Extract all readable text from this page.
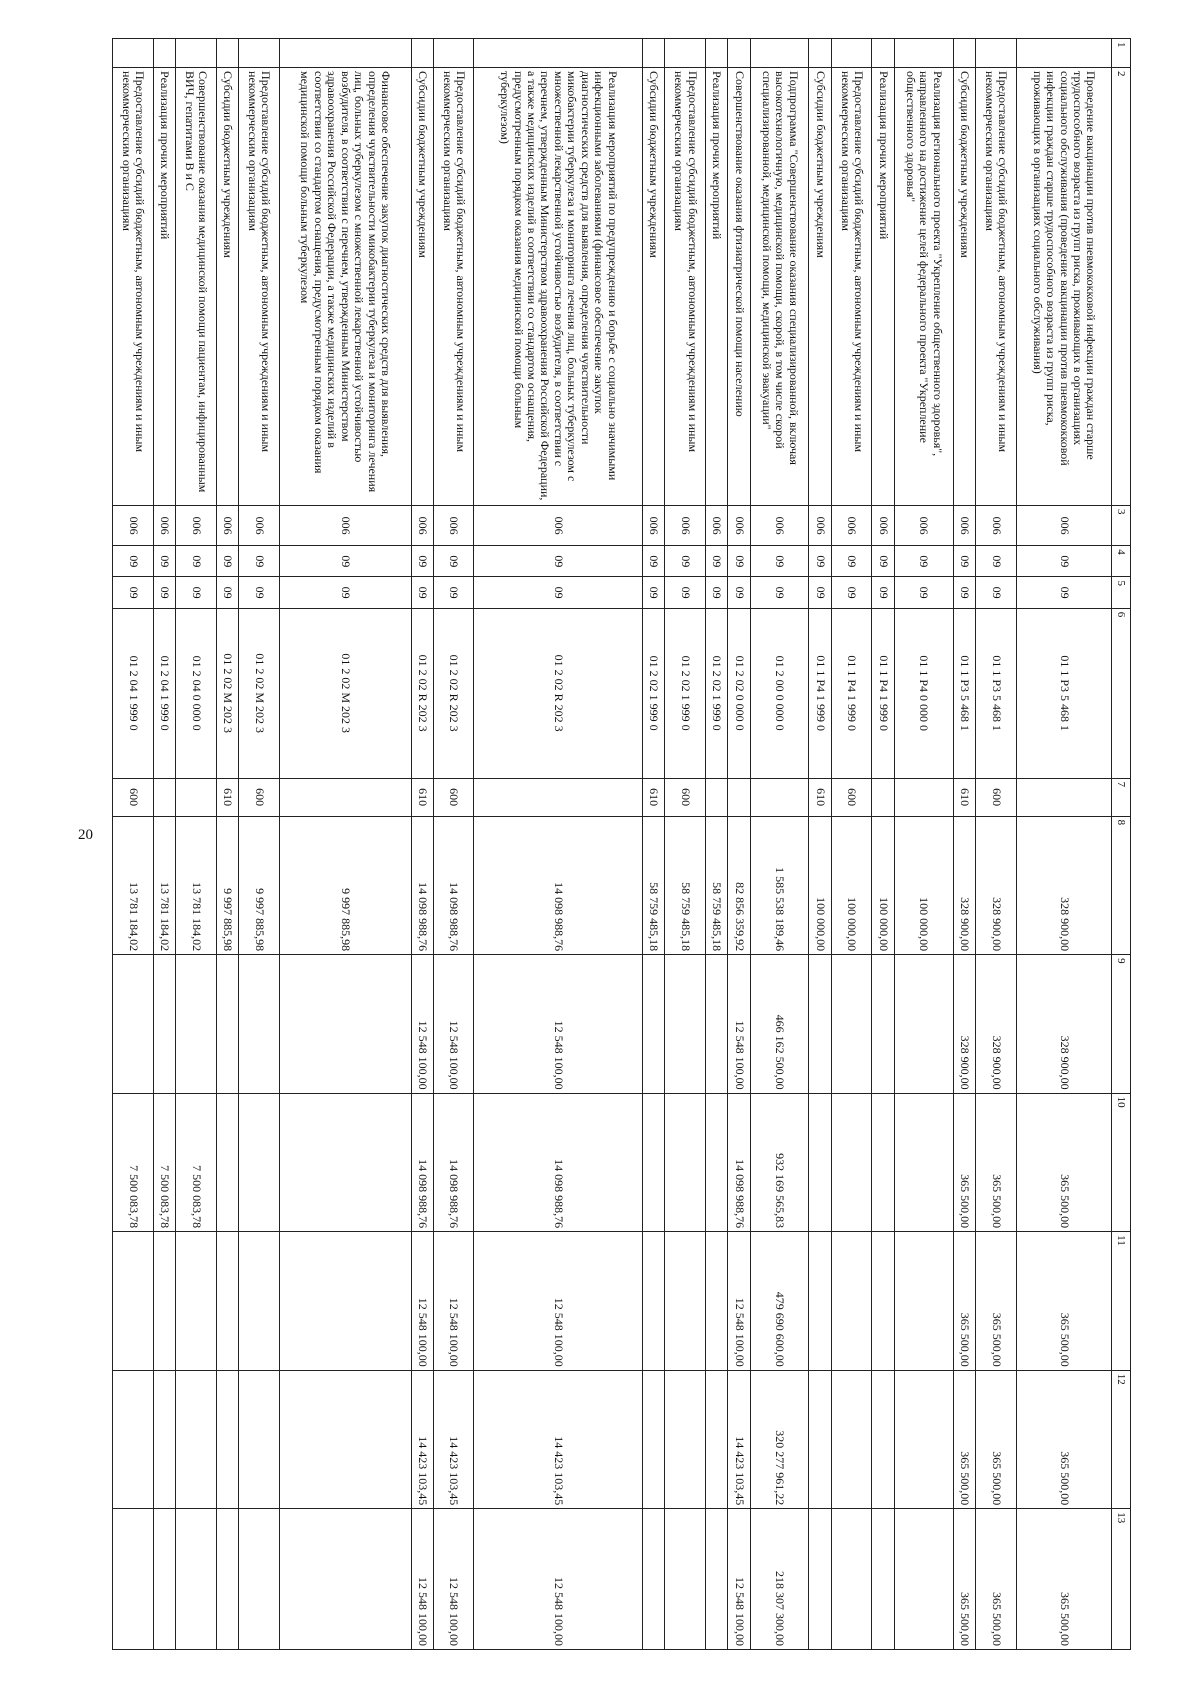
20
1	2	3	4	5	6	7	8	9	10	11	12	13
	Проведение вакцинации против пневмококковой инфекции граждан старше трудоспособного возраста из групп риска, проживающих в организациях социального обслуживания (проведение вакцинации против пневмококковой инфекции граждан старше трудоспособного возраста из групп риска, проживающих в организациях социального обслуживания)	006	09	09	01 1 P3 5 468 1		328 900,00	328 900,00	365 500,00	365 500,00	365 500,00	365 500,00
	Предоставление субсидий бюджетным, автономным учреждениям и иным некоммерческим организациям	006	09	09	01 1 P3 5 468 1	600	328 900,00	328 900,00	365 500,00	365 500,00	365 500,00	365 500,00
	Субсидии бюджетным учреждениям	006	09	09	01 1 P3 5 468 1	610	328 900,00	328 900,00	365 500,00	365 500,00	365 500,00	365 500,00
	Реализация регионального проекта "Укрепление общественного здоровья", направленного на достижение целей федерального проекта "Укрепление общественного здоровья"	006	09	09	01 1 P4 0 000 0		100 000,00					
	Реализация прочих мероприятий	006	09	09	01 1 P4 1 999 0		100 000,00					
	Предоставление субсидий бюджетным, автономным учреждениям и иным некоммерческим организациям	006	09	09	01 1 P4 1 999 0	600	100 000,00					
	Субсидии бюджетным учреждениям	006	09	09	01 1 P4 1 999 0	610	100 000,00					
	Подпрограмма "Совершенствование оказания специализированной, включая высокотехнологичную, медицинской помощи, скорой, в том числе скорой специализированной, медицинской помощи, медицинской эвакуации"	006	09	09	01 2 00 0 000 0		1 585 538 189,46	466 162 500,00	932 169 565,83	479 690 600,00	320 277 961,22	218 307 300,00
	Совершенствование оказания фтизиатрической помощи населению	006	09	09	01 2 02 0 000 0		82 856 359,92	12 548 100,00	14 098 988,76	12 548 100,00	14 423 103,45	12 548 100,00
	Реализация прочих мероприятий	006	09	09	01 2 02 1 999 0		58 759 485,18					
	Предоставление субсидий бюджетным, автономным учреждениям и иным некоммерческим организациям	006	09	09	01 2 02 1 999 0	600	58 759 485,18					
	Субсидии бюджетным учреждениям	006	09	09	01 2 02 1 999 0	610	58 759 485,18					
	Реализация мероприятий по предупреждению и борьбе с социально значимыми инфекционными заболеваниями (финансовое обеспечение закупок диагностических средств для выявления, определения чувствительности микобактерии туберкулеза и мониторинга лечения лиц, больных туберкулезом с множественной лекарственной устойчивостью возбудителя, в соответствии с перечнем, утвержденным Министерством здравоохранения Российской Федерации, а также медицинских изделий в соответствии со стандартом оснащения, предусмотренным порядком оказания медицинской помощи больным туберкулезом)	006	09	09	01 2 02 R 202 3		14 098 988,76	12 548 100,00	14 098 988,76	12 548 100,00	14 423 103,45	12 548 100,00
	Предоставление субсидий бюджетным, автономным учреждениям и иным некоммерческим организациям	006	09	09	01 2 02 R 202 3	600	14 098 988,76	12 548 100,00	14 098 988,76	12 548 100,00	14 423 103,45	12 548 100,00
	Субсидии бюджетным учреждениям	006	09	09	01 2 02 R 202 3	610	14 098 988,76	12 548 100,00	14 098 988,76	12 548 100,00	14 423 103,45	12 548 100,00
	Финансовое обеспечение закупок диагностических средств для выявления, определения чувствительности микобактерии туберкулеза и мониторинга лечения лиц, больных туберкулезом с множественной лекарственной устойчивостью возбудителя, в соответствии с перечнем, утвержденным Министерством здравоохранения Российской Федерации, а также медицинских изделий в соответствии со стандартом оснащения, предусмотренным порядком оказания медицинской помощи больным туберкулезом	006	09	09	01 2 02 M 202 3		9 997 885,98					
	Предоставление субсидий бюджетным, автономным учреждениям и иным некоммерческим организациям	006	09	09	01 2 02 M 202 3	600	9 997 885,98					
	Субсидии бюджетным учреждениям	006	09	09	01 2 02 M 202 3	610	9 997 885,98					
	Совершенствование оказания медицинской помощи пациентам, инфицированным ВИЧ, гепатитами В и С	006	09	09	01 2 04 0 000 0		13 781 184,02		7 500 083,78			
	Реализация прочих мероприятий	006	09	09	01 2 04 1 999 0		13 781 184,02		7 500 083,78			
	Предоставление субсидий бюджетным, автономным учреждениям и иным некоммерческим организациям	006	09	09	01 2 04 1 999 0	600	13 781 184,02		7 500 083,78			
